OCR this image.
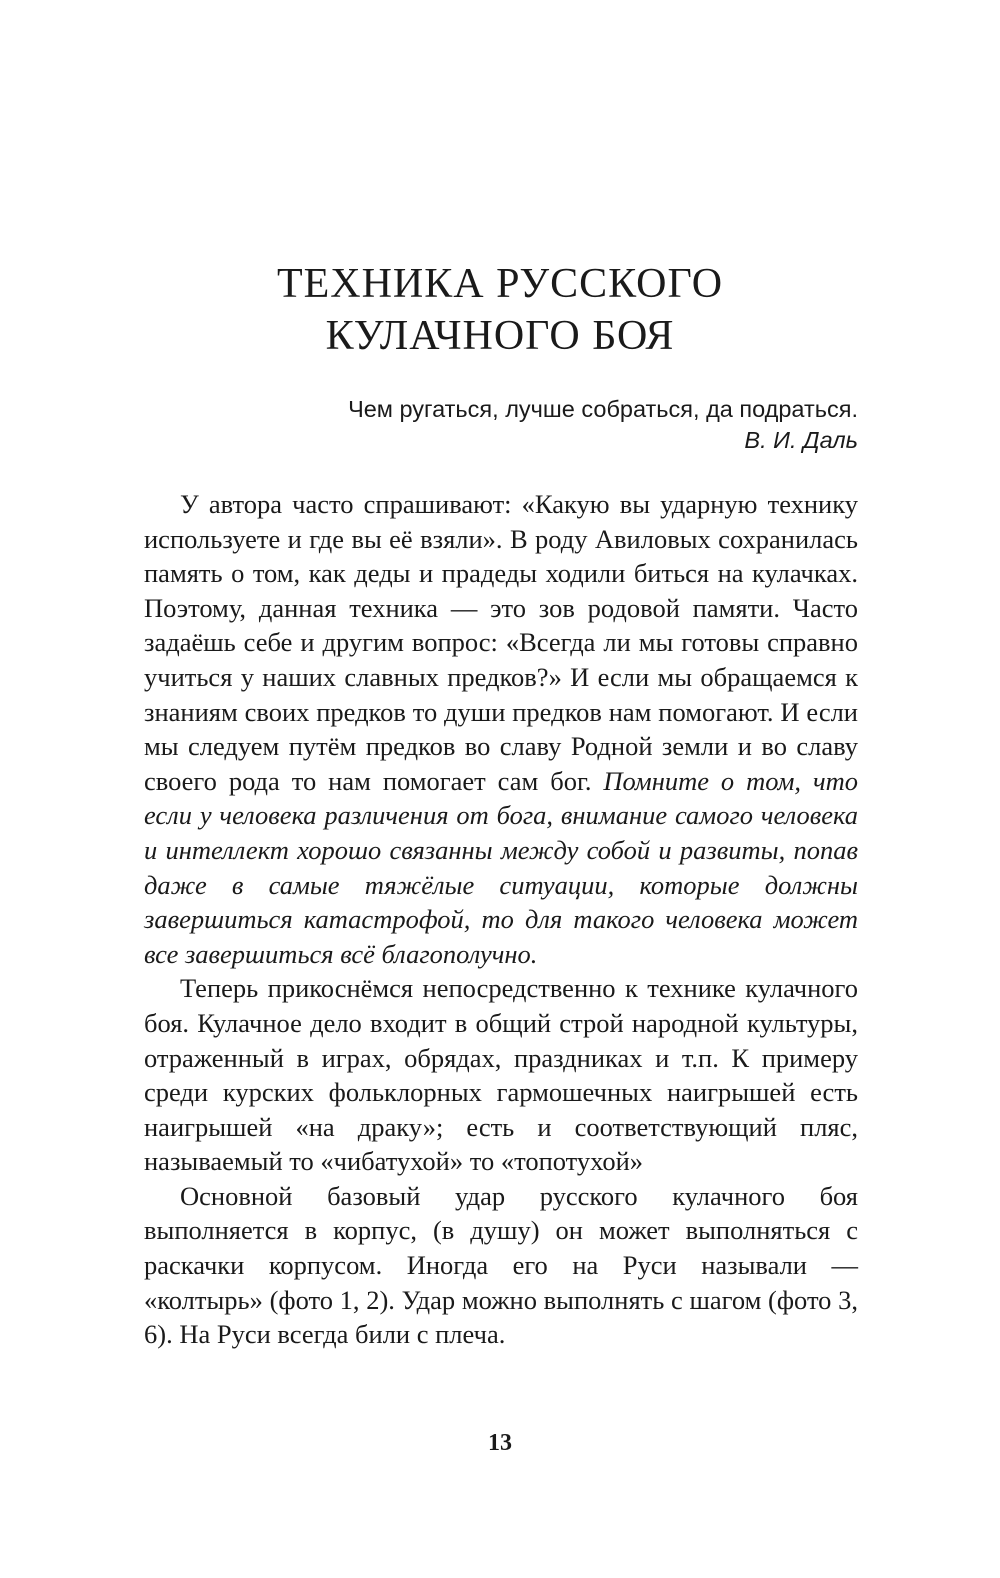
ТЕХНИКА РУССКОГО
КУЛАЧНОГО БОЯ
Чем ругаться, лучше собраться, да подраться.
В. И. Даль

У автора часто спрашивают: «Какую вы ударную технику используете и где вы её взяли». В роду Авиловых сохранилась память о том, как деды и прадеды ходили биться на кулачках. Поэтому, данная техника — это зов родовой памяти. Часто задаёшь себе и другим вопрос: «Всегда ли мы готовы справно учиться у наших славных предков?» И если мы обращаемся к знаниям своих предков то души предков нам помогают. И если мы следуем путём предков во славу Родной земли и во славу своего рода то нам помогает сам бог. Помните о том, что если у человека различения от бога, внимание самого человека и интеллект хорошо связанны между собой и развиты, попав даже в самые тяжёлые ситуации, которые должны завершиться катастрофой, то для такого человека может все завершиться всё благополучно.

Теперь прикоснёмся непосредственно к технике кулачного боя. Кулачное дело входит в общий строй народной культуры, отраженный в играх, обрядах, праздниках и т.п. К примеру среди курских фольклорных гармошечных наигрышей есть наигрышей «на драку»; есть и соответствующий пляс, называемый то «чибатухой» то «топотухой»

Основной базовый удар русского кулачного боя выполняется в корпус, (в душу) он может выполняться с раскачки корпусом. Иногда его на Руси называли — «колтырь» (фото 1, 2). Удар можно выполнять с шагом (фото 3, 6). На Руси всегда били с плеча.

13
